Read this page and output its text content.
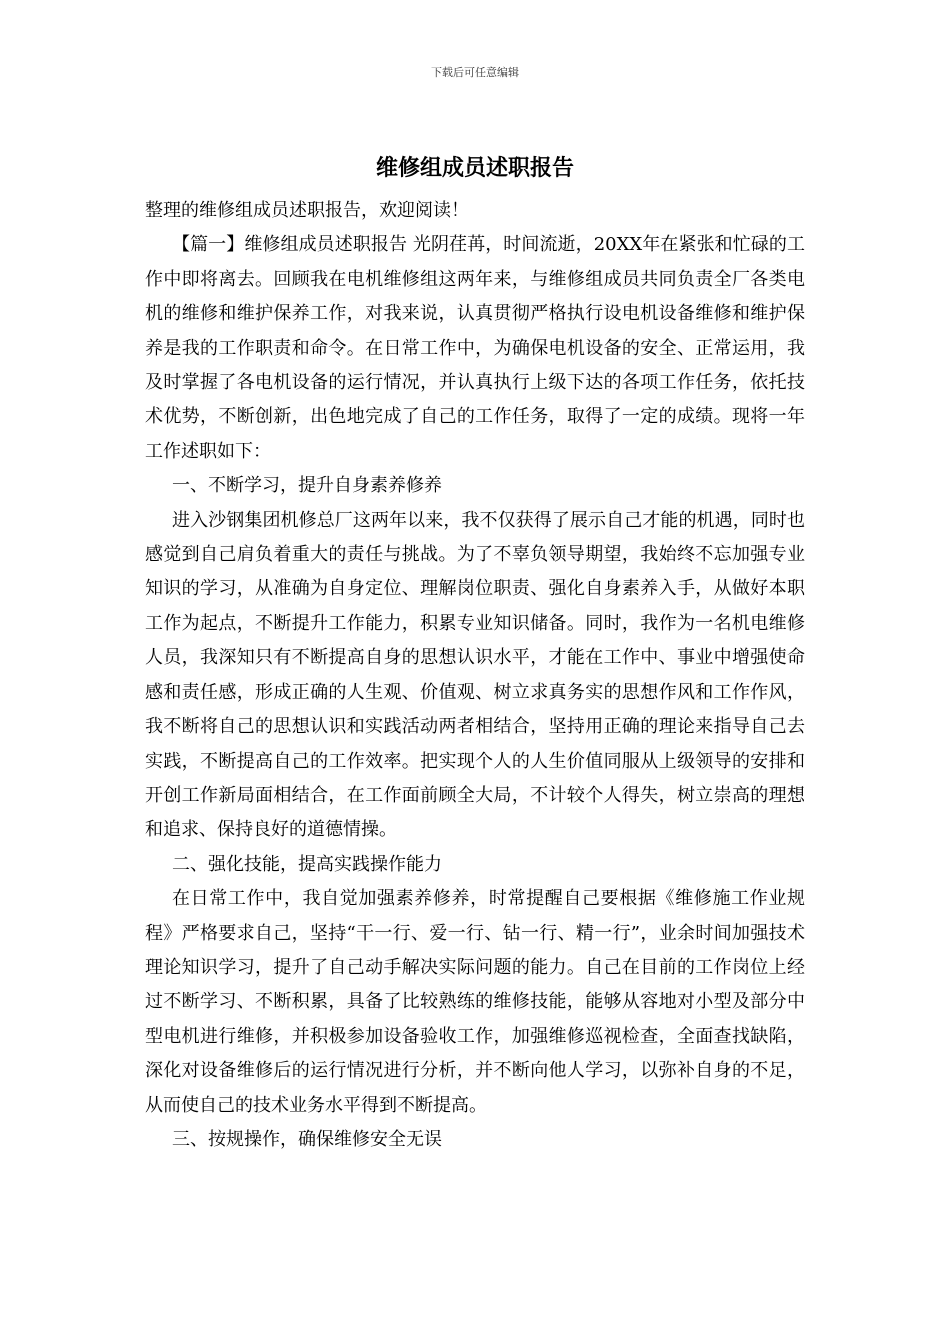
下载后可任意编辑
维修组成员述职报告

整理的维修组成员述职报告，欢迎阅读！

【篇一】维修组成员述职报告 光阴荏苒，时间流逝，20XX年在紧张和忙碌的工作中即将离去。回顾我在电机维修组这两年来，与维修组成员共同负责全厂各类电机的维修和维护保养工作，对我来说，认真贯彻严格执行设电机设备维修和维护保养是我的工作职责和命令。在日常工作中，为确保电机设备的安全、正常运用，我及时掌握了各电机设备的运行情况，并认真执行上级下达的各项工作任务，依托技术优势，不断创新，出色地完成了自己的工作任务，取得了一定的成绩。现将一年工作述职如下：

一、不断学习，提升自身素养修养

进入沙钢集团机修总厂这两年以来，我不仅获得了展示自己才能的机遇，同时也感觉到自己肩负着重大的责任与挑战。为了不辜负领导期望，我始终不忘加强专业知识的学习，从准确为自身定位、理解岗位职责、强化自身素养入手，从做好本职工作为起点，不断提升工作能力，积累专业知识储备。同时，我作为一名机电维修人员，我深知只有不断提高自身的思想认识水平，才能在工作中、事业中增强使命感和责任感，形成正确的人生观、价值观、树立求真务实的思想作风和工作作风，我不断将自己的思想认识和实践活动两者相结合，坚持用正确的理论来指导自己去实践，不断提高自己的工作效率。把实现个人的人生价值同服从上级领导的安排和开创工作新局面相结合，在工作面前顾全大局，不计较个人得失，树立崇高的理想和追求、保持良好的道德情操。

二、强化技能，提高实践操作能力

在日常工作中，我自觉加强素养修养，时常提醒自己要根据《维修施工作业规程》严格要求自己，坚持“干一行、爱一行、钻一行、精一行”，业余时间加强技术理论知识学习，提升了自己动手解决实际问题的能力。自己在目前的工作岗位上经过不断学习、不断积累，具备了比较熟练的维修技能，能够从容地对小型及部分中型电机进行维修，并积极参加设备验收工作，加强维修巡视检查，全面查找缺陷，深化对设备维修后的运行情况进行分析，并不断向他人学习，以弥补自身的不足，从而使自己的技术业务水平得到不断提高。

三、按规操作，确保维修安全无误
